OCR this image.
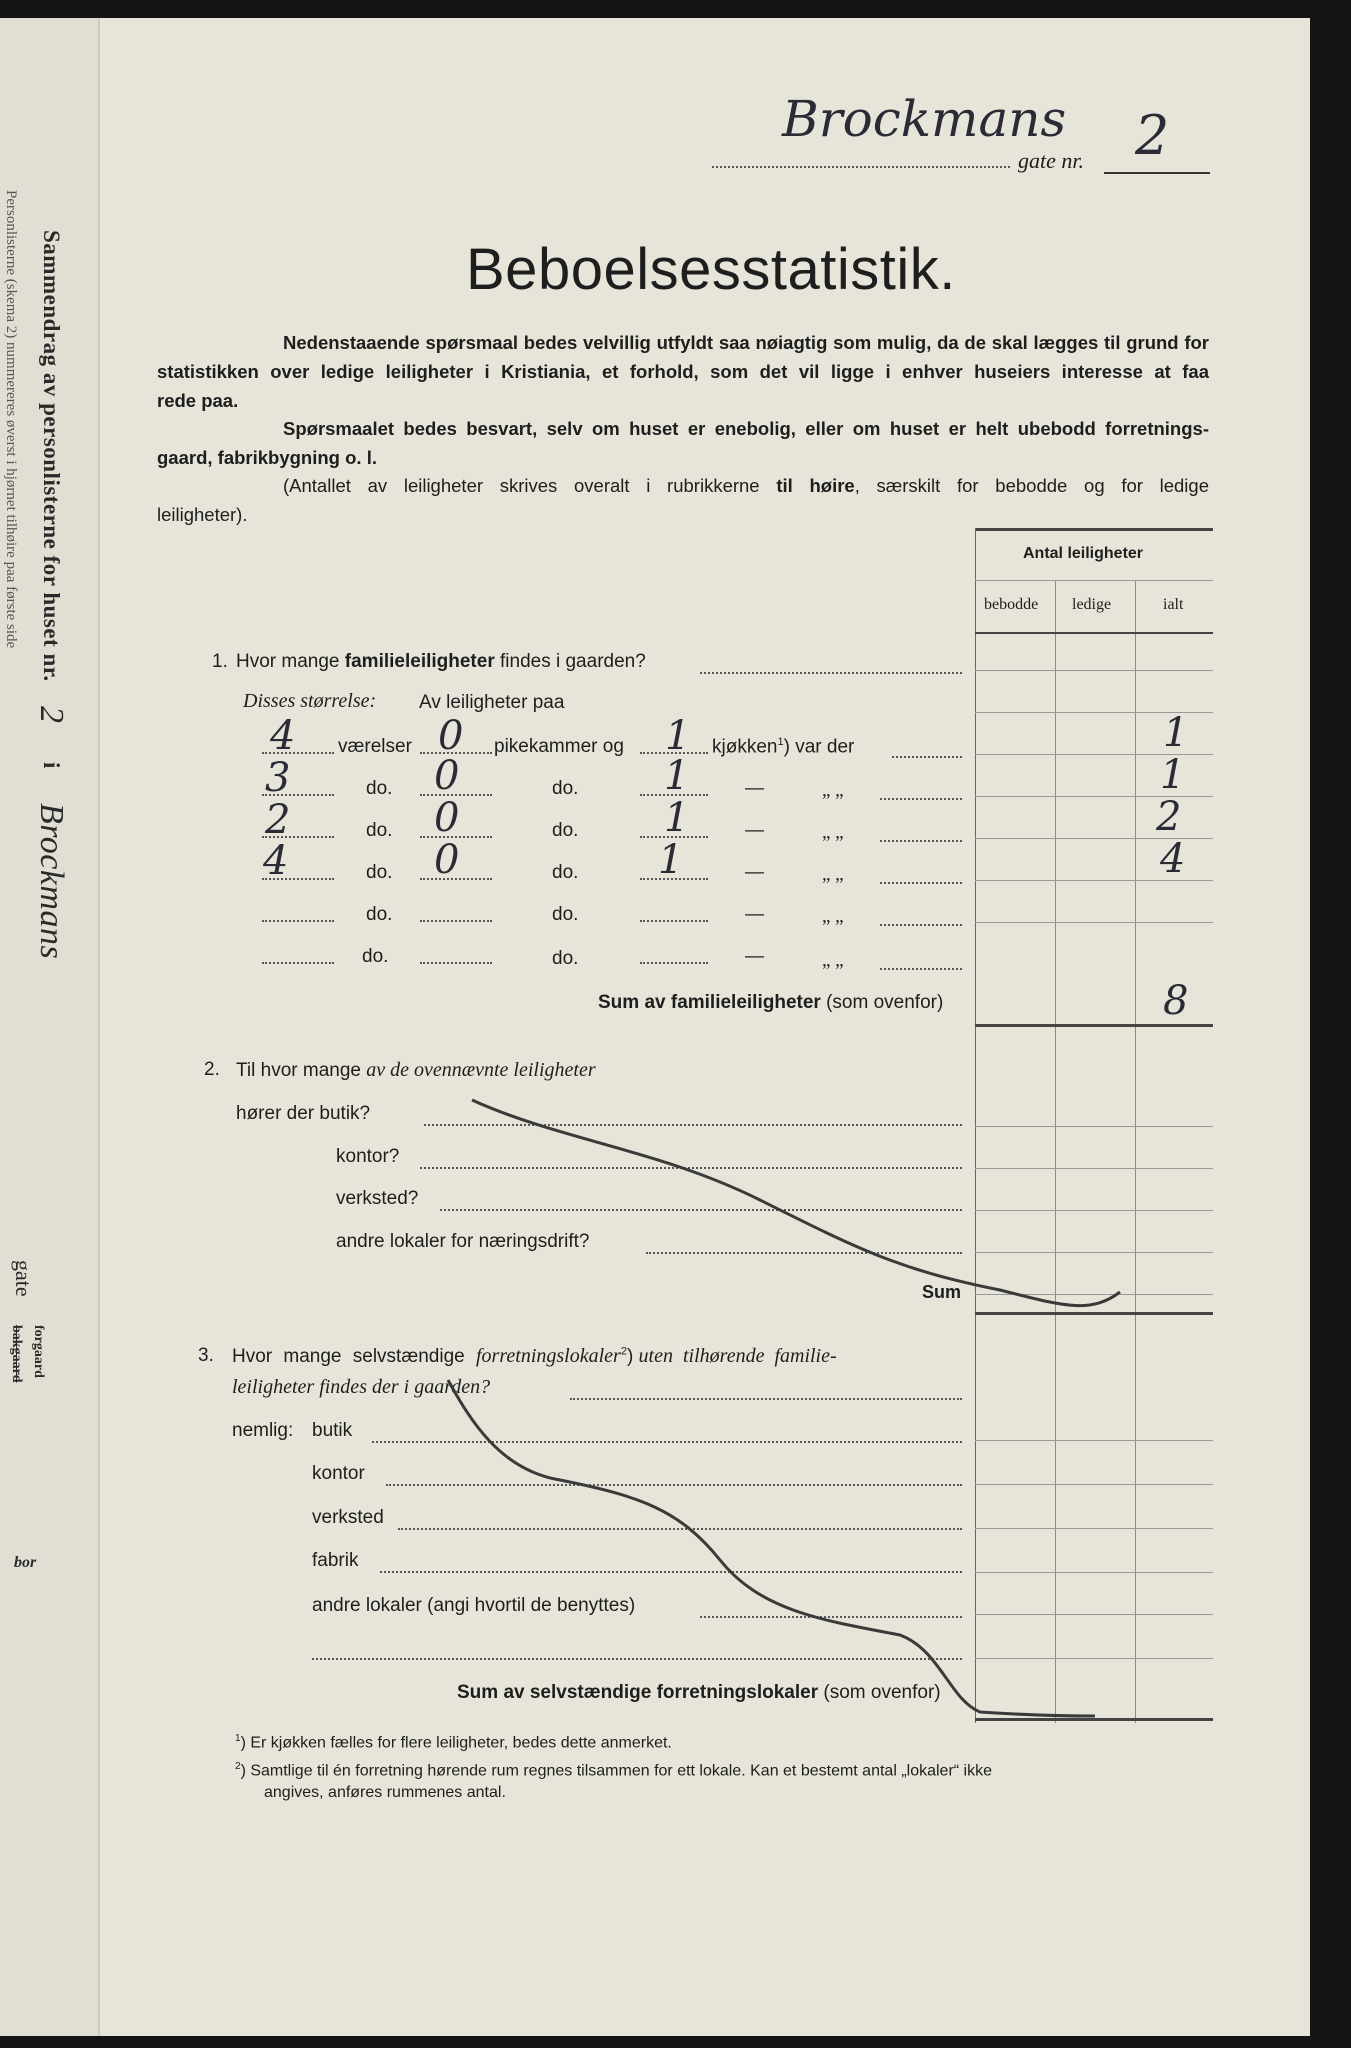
Sammendrag av personlisterne for huset nr. 2 i Brockmans
gate
forgaard
bakgaard
bor
Personlisterne (skema 2) nummereres øverst i hjørnet tilhøire paa første side
Brockmans
gate nr. 2
Beboelsesstatistik.
Nedenstaaende spørsmaal bedes velvillig utfyldt saa nøiagtig som mulig, da de skal lægges til grund for
statistikken over ledige leiligheter i Kristiania, et forhold, som det vil ligge i enhver huseiers interesse at faa
rede paa.
Spørsmaalet bedes besvart, selv om huset er enebolig, eller om huset er helt ubebodd forretnings-
gaard, fabrikbygning o. l.
(Antallet av leiligheter skrives overalt i rubrikkerne til høire, særskilt for bebodde og for ledige
leiligheter).
Antal leiligheter
bebodde ledige	ialt
1. Hvor mange familieleiligheter findes i gaarden?
Disses størrelse: Av leiligheter paa
4 værelser 0 pikekammer og 1 kjøkken$^1$) var der	1
3	do. 0	do. 1	—	„ „	1
2	do. 0	do. 1	—	„ „	2
4	do. 0	do. 1	—	„ „	4
do.	do.	—	„ „
do.	do.	—	„ „
Sum av familieleiligheter (som ovenfor)	8
2. Til hvor mange av de ovennævnte leiligheter
hører der butik?
kontor?
verksted?
andre lokaler for næringsdrift?
Sum
3. Hvor mange selvstændige forretningslokaler$^2$) uten tilhørende familie-
leiligheter findes der i gaarden?
nemlig: butik
kontor
verksted
fabrik
andre lokaler (angi hvortil de benyttes)
Sum av selvstændige forretningslokaler (som ovenfor)
$^1$) Er kjøkken fælles for flere leiligheter, bedes dette anmerket.
$^2$) Samtlige til én forretning hørende rum regnes tilsammen for ett lokale. Kan et bestemt antal „lokaler“ ikke
angives, anføres rummenes antal.
